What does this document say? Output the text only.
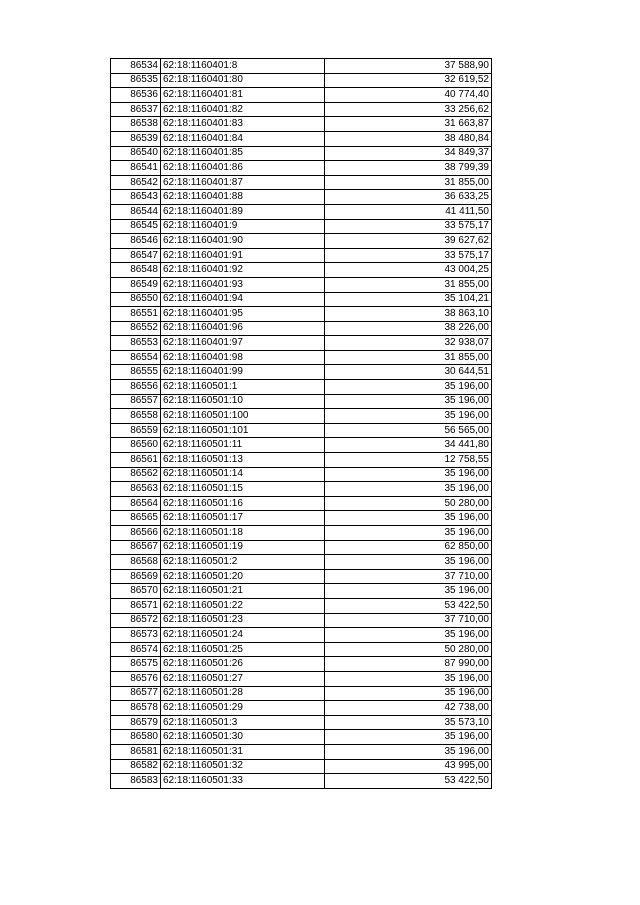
86534	62:18:1160401:8	37 588,90
86535	62:18:1160401:80	32 619,52
86536	62:18:1160401:81	40 774,40
86537	62:18:1160401:82	33 256,62
86538	62:18:1160401:83	31 663,87
86539	62:18:1160401:84	38 480,84
86540	62:18:1160401:85	34 849,37
86541	62:18:1160401:86	38 799,39
86542	62:18:1160401:87	31 855,00
86543	62:18:1160401:88	36 633,25
86544	62:18:1160401:89	41 411,50
86545	62:18:1160401:9	33 575,17
86546	62:18:1160401:90	39 627,62
86547	62:18:1160401:91	33 575,17
86548	62:18:1160401:92	43 004,25
86549	62:18:1160401:93	31 855,00
86550	62:18:1160401:94	35 104,21
86551	62:18:1160401:95	38 863,10
86552	62:18:1160401:96	38 226,00
86553	62:18:1160401:97	32 938,07
86554	62:18:1160401:98	31 855,00
86555	62:18:1160401:99	30 644,51
86556	62:18:1160501:1	35 196,00
86557	62:18:1160501:10	35 196,00
86558	62:18:1160501:100	35 196,00
86559	62:18:1160501:101	56 565,00
86560	62:18:1160501:11	34 441,80
86561	62:18:1160501:13	12 758,55
86562	62:18:1160501:14	35 196,00
86563	62:18:1160501:15	35 196,00
86564	62:18:1160501:16	50 280,00
86565	62:18:1160501:17	35 196,00
86566	62:18:1160501:18	35 196,00
86567	62:18:1160501:19	62 850,00
86568	62:18:1160501:2	35 196,00
86569	62:18:1160501:20	37 710,00
86570	62:18:1160501:21	35 196,00
86571	62:18:1160501:22	53 422,50
86572	62:18:1160501:23	37 710,00
86573	62:18:1160501:24	35 196,00
86574	62:18:1160501:25	50 280,00
86575	62:18:1160501:26	87 990,00
86576	62:18:1160501:27	35 196,00
86577	62:18:1160501:28	35 196,00
86578	62:18:1160501:29	42 738,00
86579	62:18:1160501:3	35 573,10
86580	62:18:1160501:30	35 196,00
86581	62:18:1160501:31	35 196,00
86582	62:18:1160501:32	43 995,00
86583	62:18:1160501:33	53 422,50
